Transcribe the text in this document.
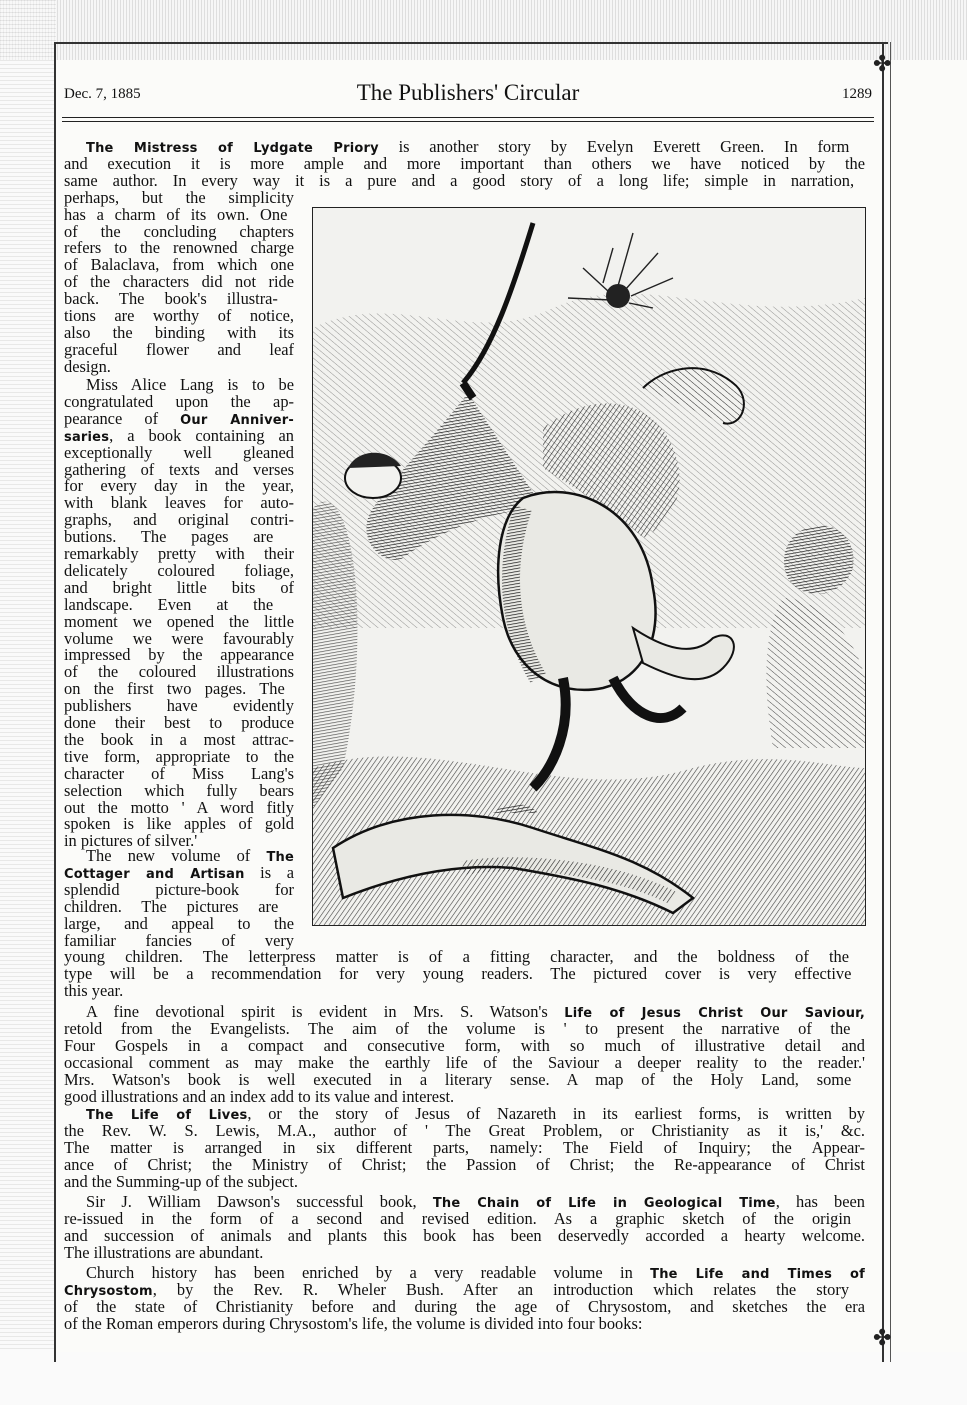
✤
✤
Dec. 7, 1885	The Publishers' Circular	1289
The Mistress of Lydgate Priory is another story by Evelyn Everett Green. In form
and execution it is more ample and more important than others we have noticed by the
same author. In every way it is a pure and a good story of a long life; simple in narration,
perhaps, but the simplicity
has a charm of its own. One
of the concluding chapters
refers to the renowned charge
of Balaclava, from which one
of the characters did not ride
back. The book's illustra-
tions are worthy of notice,
also the binding with its
graceful flower and leaf
design.
Miss Alice Lang is to be
congratulated upon the ap-
pearance of Our Anniver-
saries, a book containing an
exceptionally well gleaned
gathering of texts and verses
for every day in the year,
with blank leaves for auto-
graphs, and original contri-
butions. The pages are
remarkably pretty with their
delicately coloured foliage,
and bright little bits of
landscape. Even at the
moment we opened the little
volume we were favourably
impressed by the appearance
of the coloured illustrations
on the first two pages. The
publishers have evidently
done their best to produce
the book in a most attrac-
tive form, appropriate to the
character of Miss Lang's
selection which fully bears
out the motto ' A word fitly
spoken is like apples of gold
in pictures of silver.'
The new volume of The
Cottager and Artisan is a
splendid picture-book for
children. The pictures are
large, and appeal to the
familiar fancies of very
young children. The letterpress matter is of a fitting character, and the boldness of the
type will be a recommendation for very young readers. The pictured cover is very effective
this year.
A fine devotional spirit is evident in Mrs. S. Watson's Life of Jesus Christ Our Saviour,
retold from the Evangelists. The aim of the volume is ' to present the narrative of the
Four Gospels in a compact and consecutive form, with so much of illustrative detail and
occasional comment as may make the earthly life of the Saviour a deeper reality to the reader.'
Mrs. Watson's book is well executed in a literary sense. A map of the Holy Land, some
good illustrations and an index add to its value and interest.
The Life of Lives, or the story of Jesus of Nazareth in its earliest forms, is written by
the Rev. W. S. Lewis, M.A., author of ' The Great Problem, or Christianity as it is,' &c.
The matter is arranged in six different parts, namely: The Field of Inquiry; the Appear-
ance of Christ; the Ministry of Christ; the Passion of Christ; the Re-appearance of Christ
and the Summing-up of the subject.
Sir J. William Dawson's successful book, The Chain of Life in Geological Time, has been
re-issued in the form of a second and revised edition. As a graphic sketch of the origin
and succession of animals and plants this book has been deservedly accorded a hearty welcome.
The illustrations are abundant.
Church history has been enriched by a very readable volume in The Life and Times of
Chrysostom, by the Rev. R. Wheler Bush. After an introduction which relates the story
of the state of Christianity before and during the age of Chrysostom, and sketches the era
of the Roman emperors during Chrysostom's life, the volume is divided into four books:
